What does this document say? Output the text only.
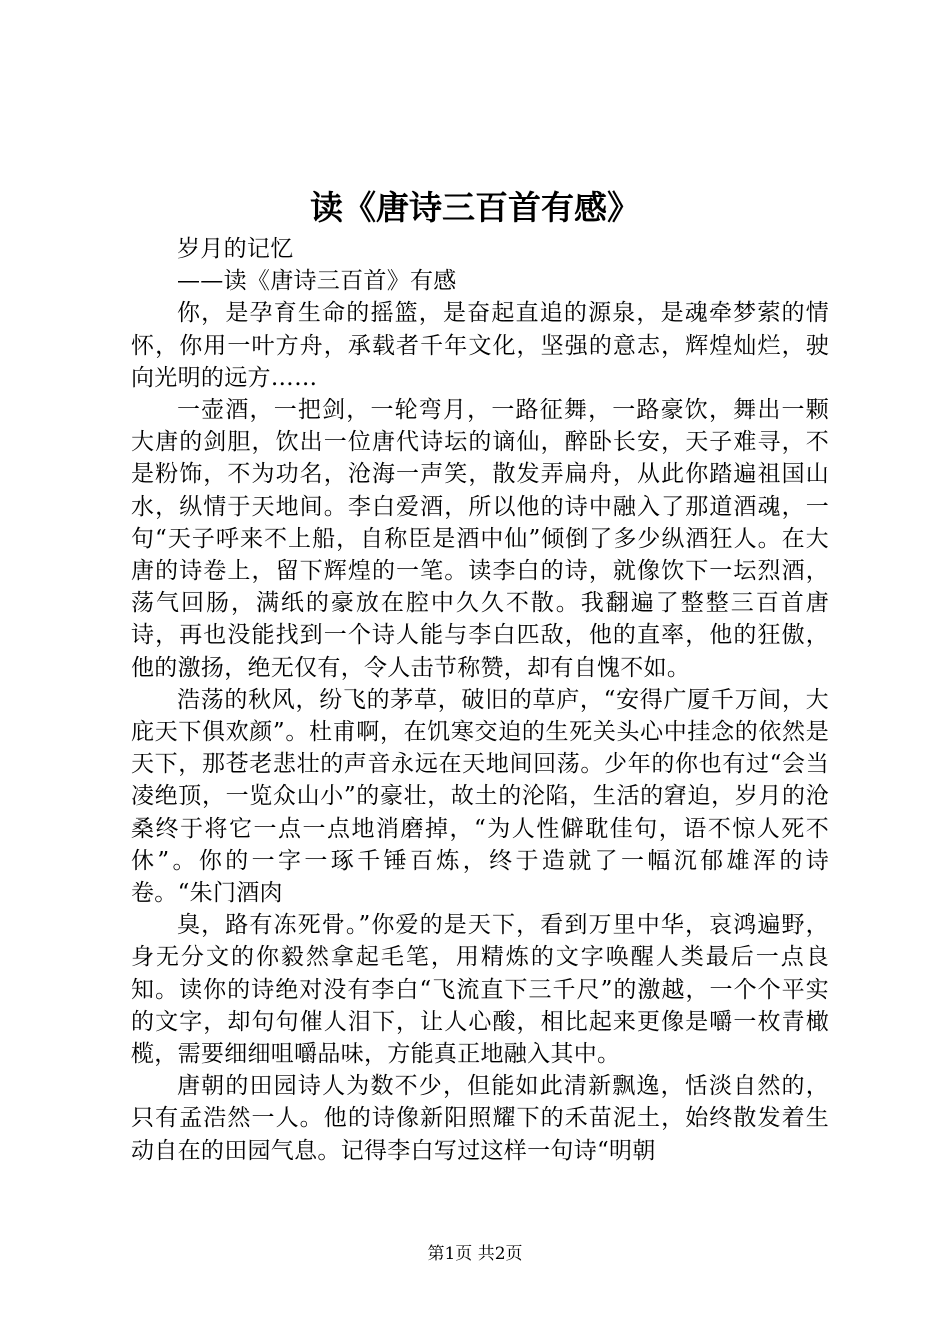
读《唐诗三百首有感》

岁月的记忆

——读《唐诗三百首》有感

你，是孕育生命的摇篮，是奋起直追的源泉，是魂牵梦萦的情怀，你用一叶方舟，承载者千年文化，坚强的意志，辉煌灿烂，驶向光明的远方……

一壶酒，一把剑，一轮弯月，一路征舞，一路豪饮，舞出一颗大唐的剑胆，饮出一位唐代诗坛的谪仙，醉卧长安，天子难寻，不是粉饰，不为功名，沧海一声笑，散发弄扁舟，从此你踏遍祖国山水，纵情于天地间。李白爱酒，所以他的诗中融入了那道酒魂，一句“天子呼来不上船，自称臣是酒中仙”倾倒了多少纵酒狂人。在大唐的诗卷上，留下辉煌的一笔。读李白的诗，就像饮下一坛烈酒，荡气回肠，满纸的豪放在腔中久久不散。我翻遍了整整三百首唐诗，再也没能找到一个诗人能与李白匹敌，他的直率，他的狂傲，他的激扬，绝无仅有，令人击节称赞，却有自愧不如。

浩荡的秋风，纷飞的茅草，破旧的草庐，“安得广厦千万间，大庇天下俱欢颜”。杜甫啊，在饥寒交迫的生死关头心中挂念的依然是天下，那苍老悲壮的声音永远在天地间回荡。少年的你也有过“会当凌绝顶，一览众山小”的豪壮，故土的沦陷，生活的窘迫，岁月的沧桑终于将它一点一点地消磨掉，“为人性僻耽佳句，语不惊人死不休”。你的一字一琢千锤百炼，终于造就了一幅沉郁雄浑的诗卷。“朱门酒肉

臭，路有冻死骨。”你爱的是天下，看到万里中华，哀鸿遍野，身无分文的你毅然拿起毛笔，用精炼的文字唤醒人类最后一点良知。读你的诗绝对没有李白“飞流直下三千尺”的激越，一个个平实的文字，却句句催人泪下，让人心酸，相比起来更像是嚼一枚青橄榄，需要细细咀嚼品味，方能真正地融入其中。

唐朝的田园诗人为数不少，但能如此清新飘逸，恬淡自然的，只有孟浩然一人。他的诗像新阳照耀下的禾苗泥土，始终散发着生动自在的田园气息。记得李白写过这样一句诗“明朝

第1页 共2页
